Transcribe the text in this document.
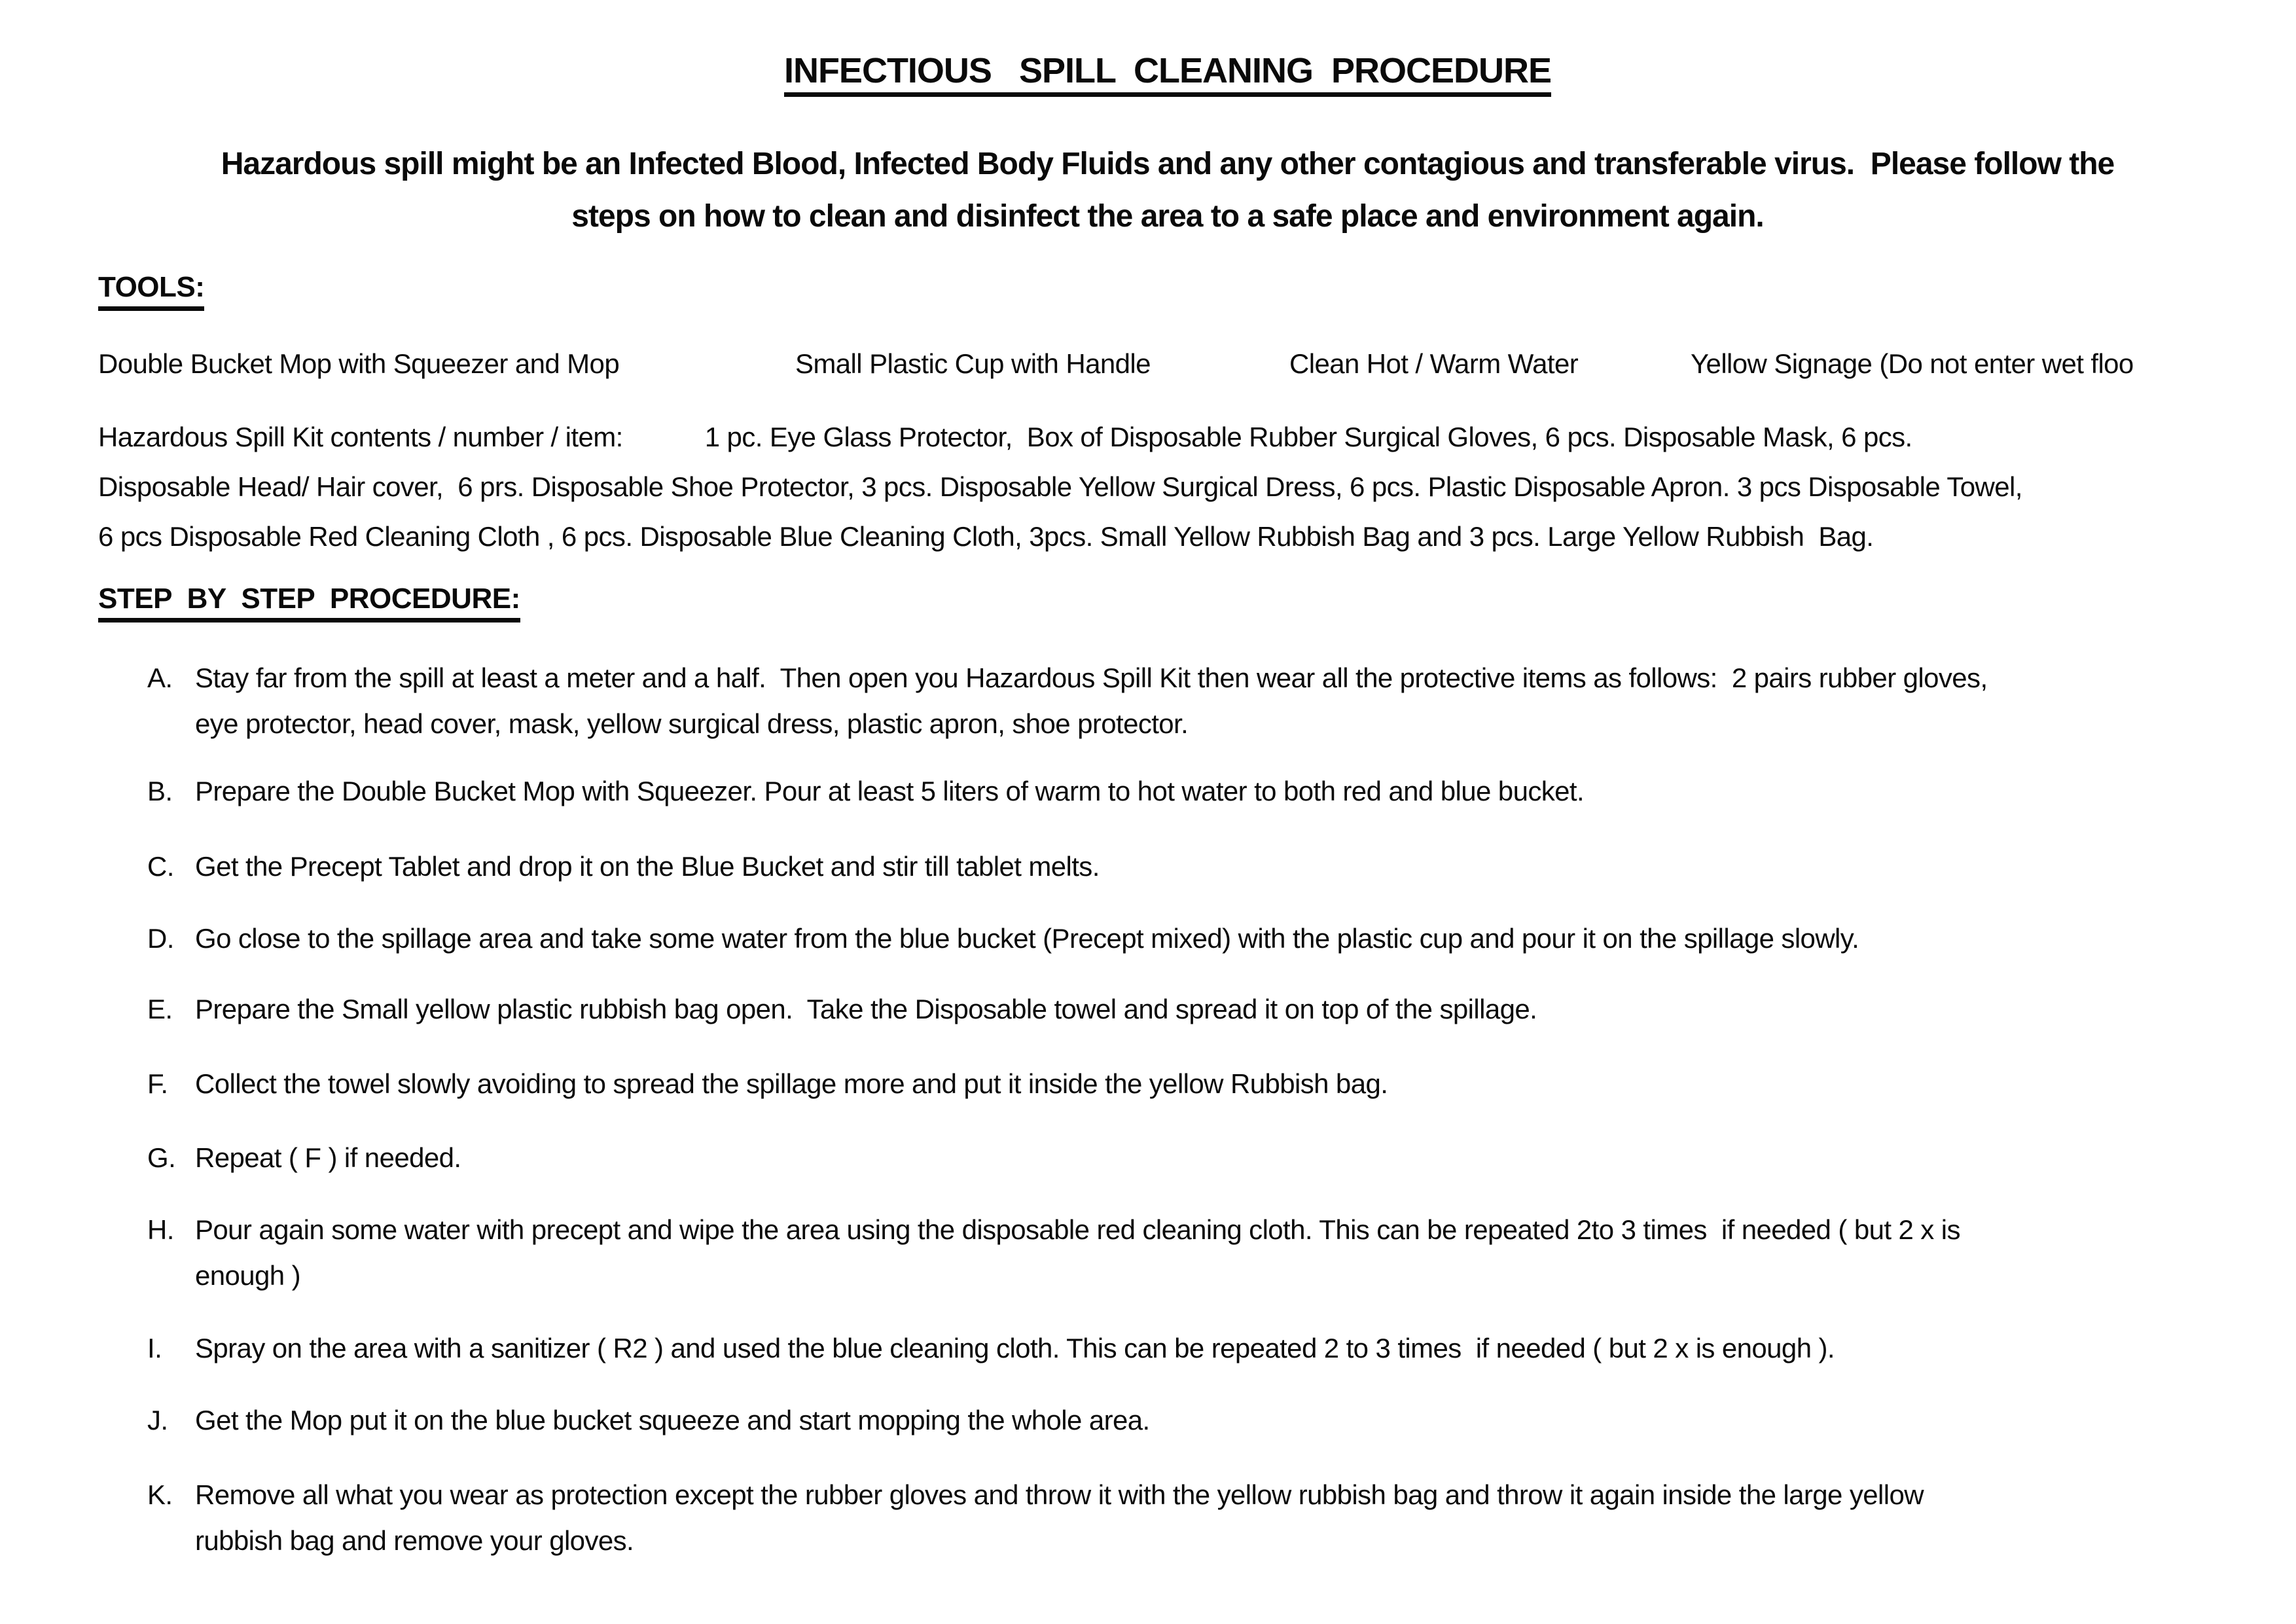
INFECTIOUS   SPILL  CLEANING  PROCEDURE
Hazardous spill might be an Infected Blood, Infected Body Fluids and any other contagious and transferable virus.  Please follow the
steps on how to clean and disinfect the area to a safe place and environment again.
TOOLS:
Double Bucket Mop with Squeezer and Mop	Small Plastic Cup with Handle	Clean Hot / Warm Water	Yellow Signage (Do not enter wet floo
Hazardous Spill Kit contents / number / item:	1 pc. Eye Glass Protector,  Box of Disposable Rubber Surgical Gloves, 6 pcs. Disposable Mask, 6 pcs.
Disposable Head/ Hair cover,  6 prs. Disposable Shoe Protector, 3 pcs. Disposable Yellow Surgical Dress, 6 pcs. Plastic Disposable Apron. 3 pcs Disposable Towel,
6 pcs Disposable Red Cleaning Cloth , 6 pcs. Disposable Blue Cleaning Cloth, 3pcs. Small Yellow Rubbish Bag and 3 pcs. Large Yellow Rubbish  Bag.
STEP  BY  STEP  PROCEDURE:
A. Stay far from the spill at least a meter and a half.  Then open you Hazardous Spill Kit then wear all the protective items as follows:  2 pairs rubber gloves,
eye protector, head cover, mask, yellow surgical dress, plastic apron, shoe protector.
B. Prepare the Double Bucket Mop with Squeezer. Pour at least 5 liters of warm to hot water to both red and blue bucket.
C. Get the Precept Tablet and drop it on the Blue Bucket and stir till tablet melts.
D. Go close to the spillage area and take some water from the blue bucket (Precept mixed) with the plastic cup and pour it on the spillage slowly.
E. Prepare the Small yellow plastic rubbish bag open.  Take the Disposable towel and spread it on top of the spillage.
F. Collect the towel slowly avoiding to spread the spillage more and put it inside the yellow Rubbish bag.
G. Repeat ( F ) if needed.
H. Pour again some water with precept and wipe the area using the disposable red cleaning cloth. This can be repeated 2to 3 times  if needed ( but 2 x is
enough )
I. Spray on the area with a sanitizer ( R2 ) and used the blue cleaning cloth. This can be repeated 2 to 3 times  if needed ( but 2 x is enough ).
J. Get the Mop put it on the blue bucket squeeze and start mopping the whole area.
K. Remove all what you wear as protection except the rubber gloves and throw it with the yellow rubbish bag and throw it again inside the large yellow
rubbish bag and remove your gloves.
